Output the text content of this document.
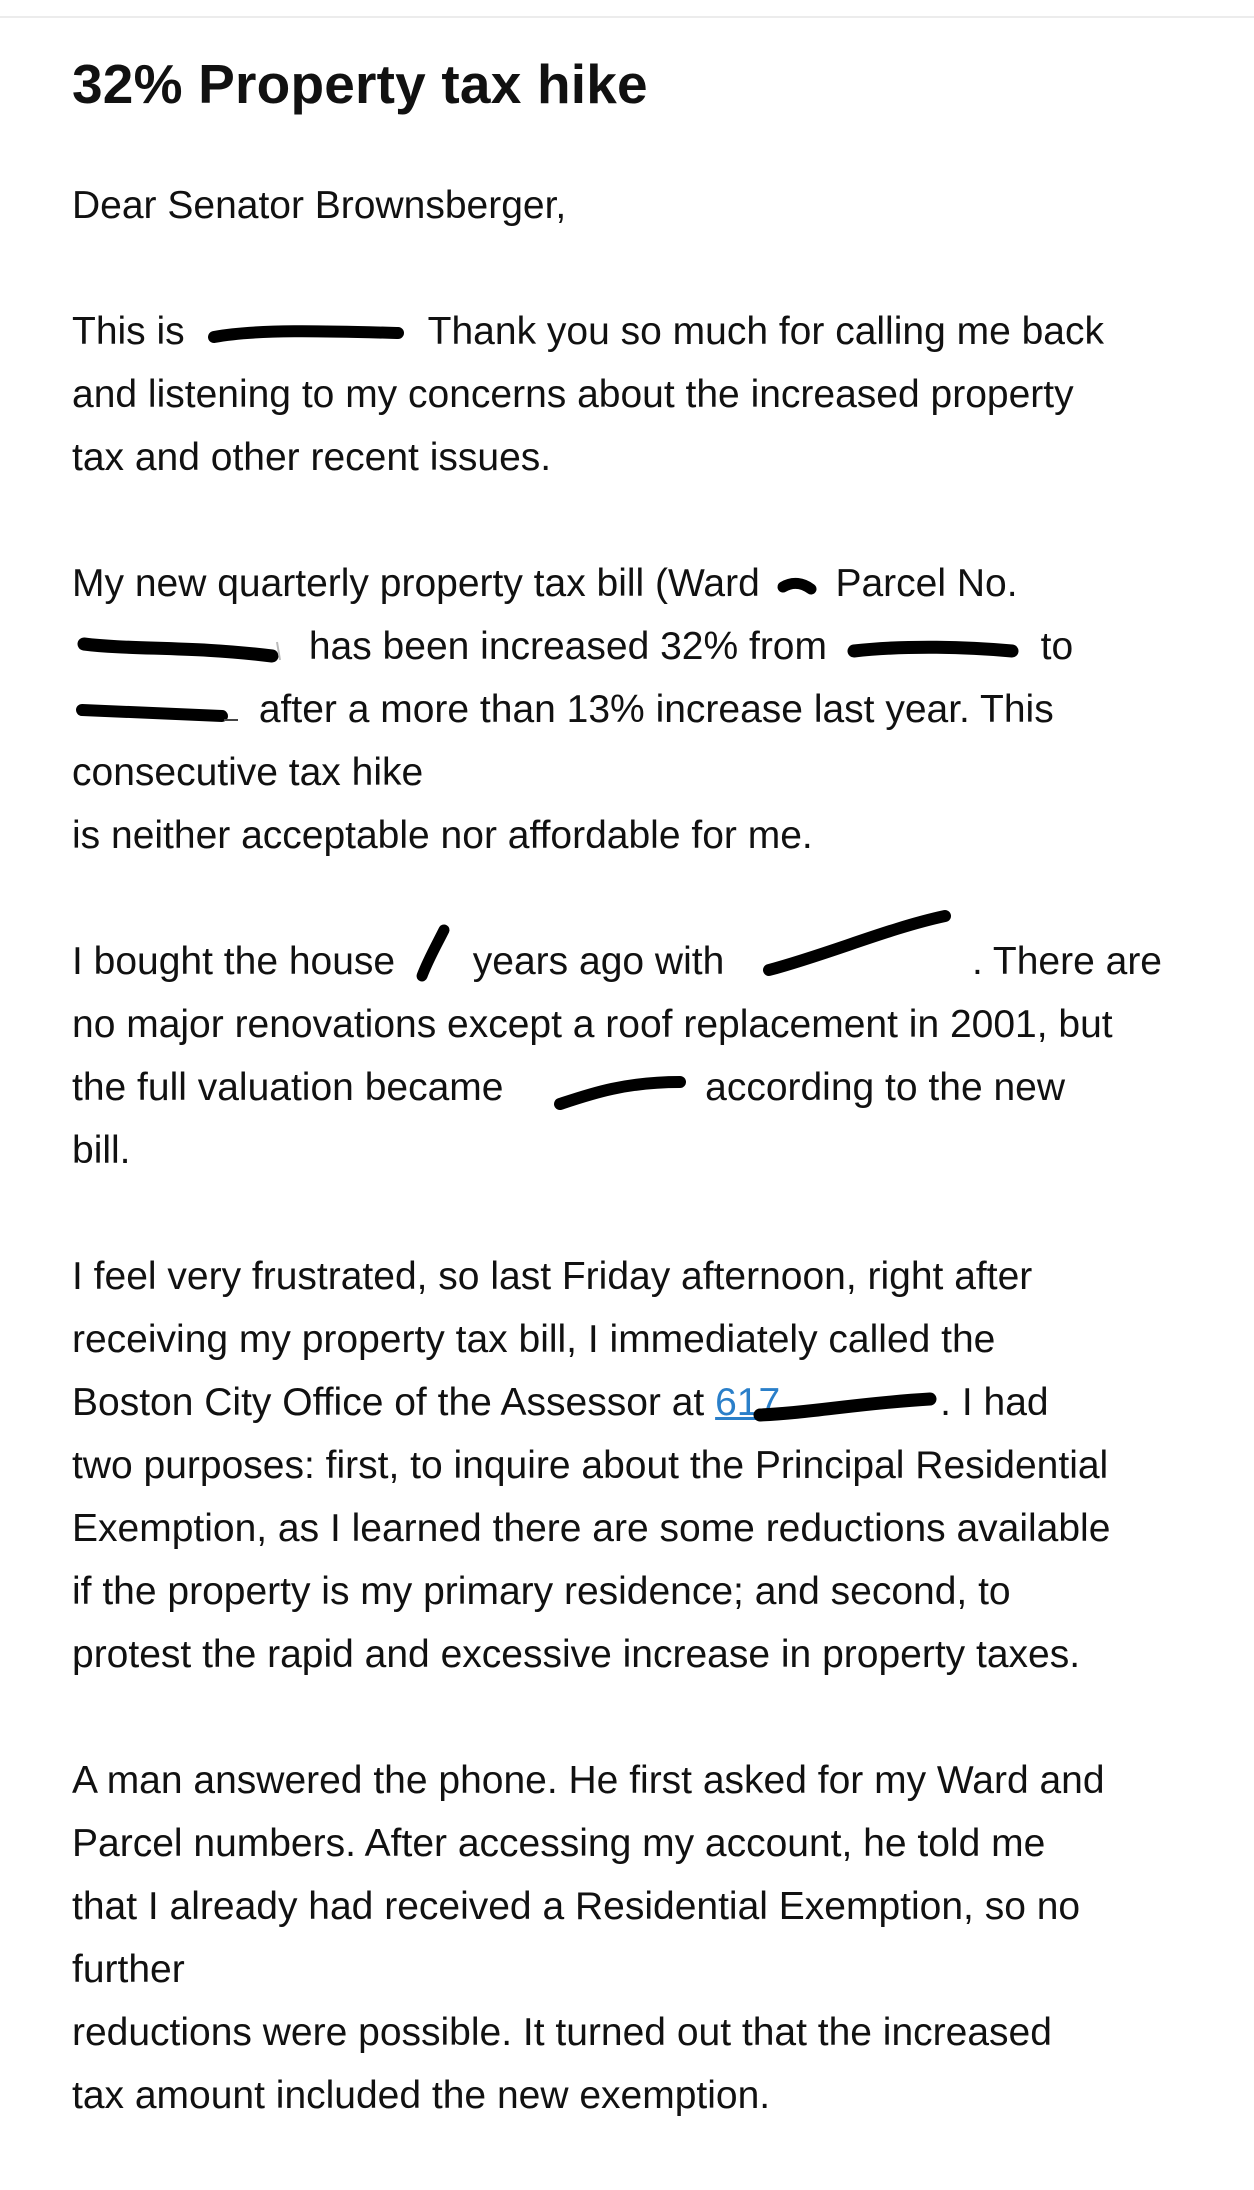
32% Property tax hike

Dear Senator Brownsberger,

This is	Thank you so much for calling me back
and listening to my concerns about the increased property
tax and other recent issues.

My new quarterly property tax bill (Ward Parcel No.
has been increased 32% from	to
after a more than 13% increase last year. This
consecutive tax hike
is neither acceptable nor affordable for me.

I bought the house years ago with	. There are
no major renovations except a roof replacement in 2001, but
the full valuation became	according to the new
bill.

I feel very frustrated, so last Friday afternoon, right after
receiving my property tax bill, I immediately called the
Boston City Office of the Assessor at 617	. I had
two purposes: first, to inquire about the Principal Residential
Exemption, as I learned there are some reductions available
if the property is my primary residence; and second, to
protest the rapid and excessive increase in property taxes.

A man answered the phone. He first asked for my Ward and
Parcel numbers. After accessing my account, he told me
that I already had received a Residential Exemption, so no
further
reductions were possible. It turned out that the increased
tax amount included the new exemption.
